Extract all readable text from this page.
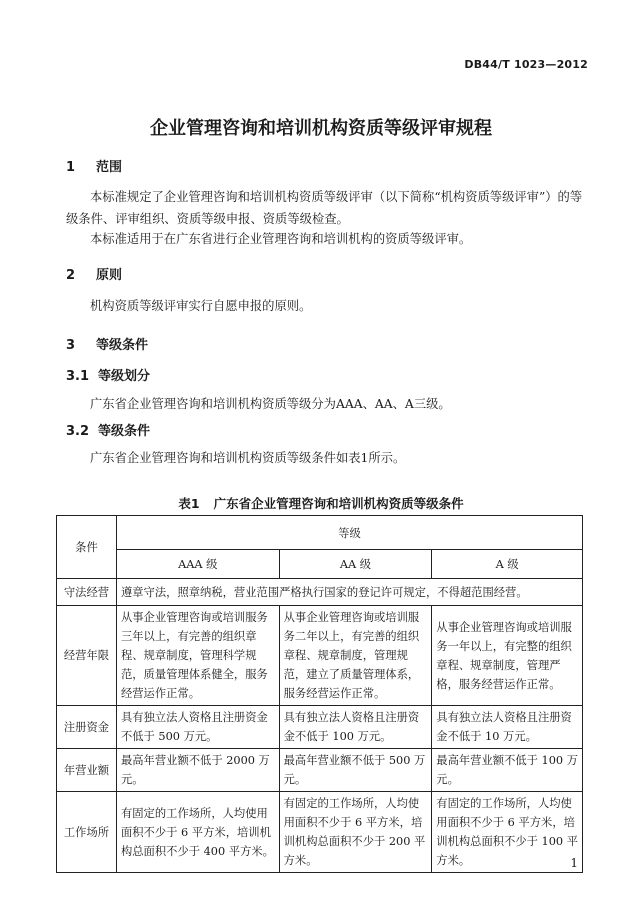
DB44/T 1023—2012
企业管理咨询和培训机构资质等级评审规程
1 范围

本标准规定了企业管理咨询和培训机构资质等级评审（以下简称“机构资质等级评审”）的等级条件、评审组织、资质等级申报、资质等级检查。

本标准适用于在广东省进行企业管理咨询和培训机构的资质等级评审。

2 原则

机构资质等级评审实行自愿申报的原则。

3 等级条件
3.1 等级划分

广东省企业管理咨询和培训机构资质等级分为AAA、AA、A三级。

3.2 等级条件

广东省企业管理咨询和培训机构资质等级条件如表1所示。

表1 广东省企业管理咨询和培训机构资质等级条件
条件	等级		
	AAA 级	AA 级	A 级
守法经营	遵章守法，照章纳税，营业范围严格执行国家的登记许可规定，不得超范围经营。		
经营年限	从事企业管理咨询或培训服务三年以上，有完善的组织章程、规章制度，管理科学规范，质量管理体系健全，服务经营运作正常。	从事企业管理咨询或培训服务二年以上，有完善的组织章程、规章制度，管理规范，建立了质量管理体系，服务经营运作正常。	从事企业管理咨询或培训服务一年以上，有完整的组织章程、规章制度，管理严格，服务经营运作正常。
注册资金	具有独立法人资格且注册资金不低于 500 万元。	具有独立法人资格且注册资金不低于 100 万元。	具有独立法人资格且注册资金不低于 10 万元。
年营业额	最高年营业额不低于 2000 万元。	最高年营业额不低于 500 万元。	最高年营业额不低于 100 万元。
工作场所	有固定的工作场所，人均使用面积不少于 6 平方米，培训机构总面积不少于 400 平方米。	有固定的工作场所，人均使用面积不少于 6 平方米，培训机构总面积不少于 200 平方米。	有固定的工作场所，人均使用面积不少于 6 平方米，培训机构总面积不少于 100 平方米。	1
